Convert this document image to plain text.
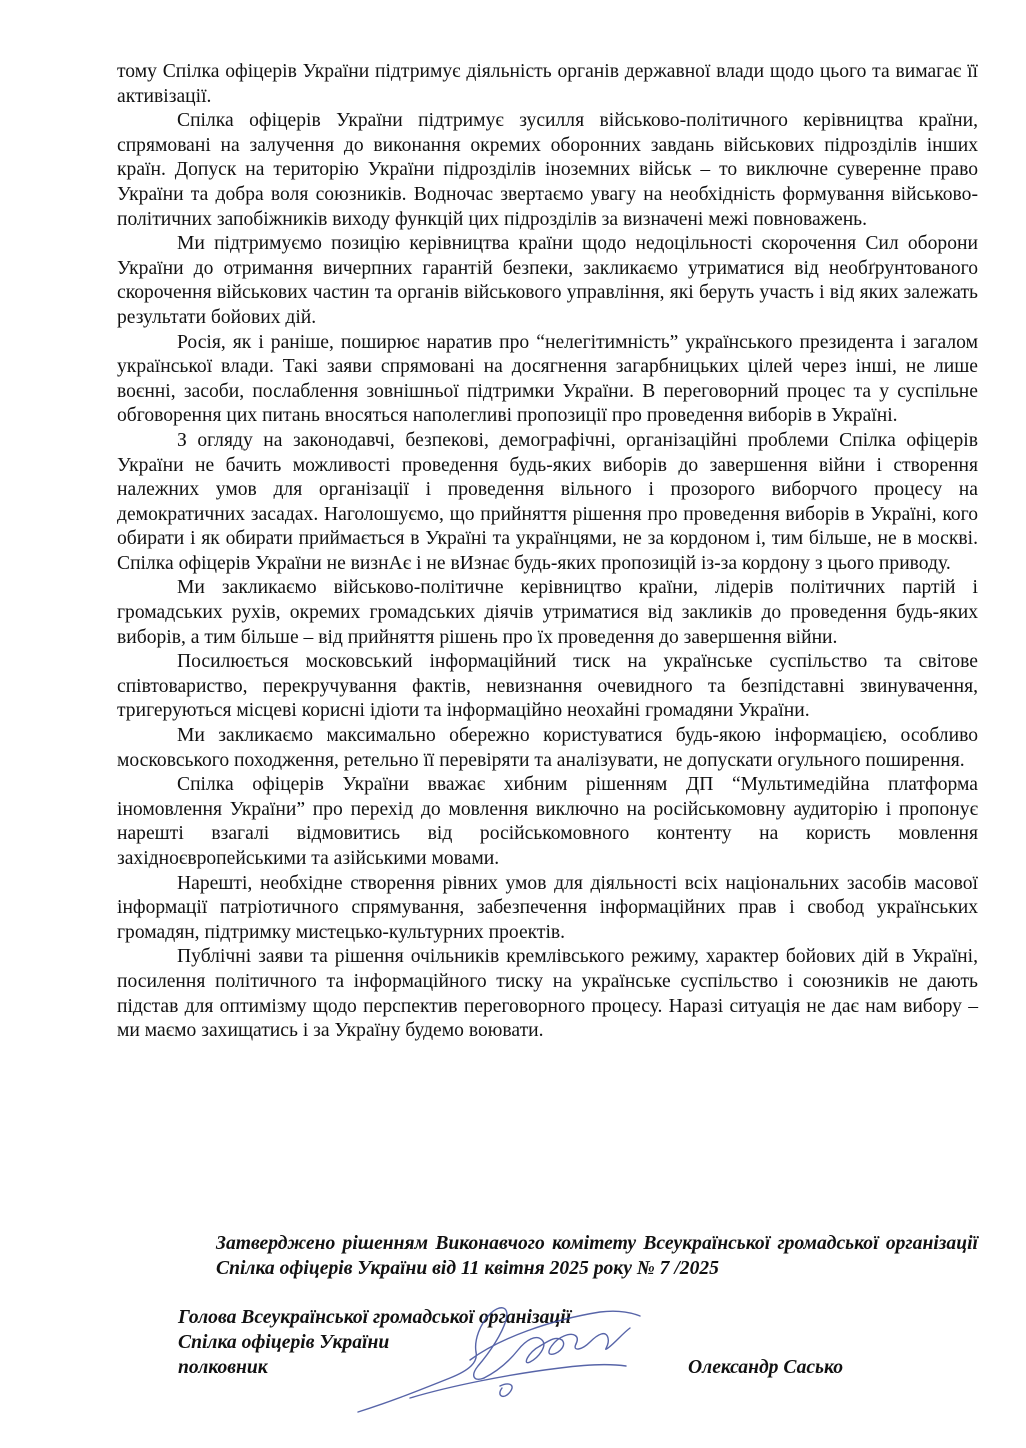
тому Спілка офіцерів України підтримує діяльність органів державної влади щодо цього та вимагає її активізації.

Спілка офіцерів України підтримує зусилля військово-політичного керівництва країни, спрямовані на залучення до виконання окремих оборонних завдань військових підрозділів інших країн. Допуск на територію України підрозділів іноземних військ – то виключне суверенне право України та добра воля союзників. Водночас звертаємо увагу на необхідність формування військово-політичних запобіжників виходу функцій цих підрозділів за визначені межі повноважень.

Ми підтримуємо позицію керівництва країни щодо недоцільності скорочення Сил оборони України до отримання вичерпних гарантій безпеки, закликаємо утриматися від необґрунтованого скорочення військових частин та органів військового управління, які беруть участь і від яких залежать результати бойових дій.

Росія, як і раніше, поширює наратив про “нелегітимність” українського президента і загалом української влади. Такі заяви спрямовані на досягнення загарбницьких цілей через інші, не лише воєнні, засоби, послаблення зовнішньої підтримки України. В переговорний процес та у суспільне обговорення цих питань вносяться наполегливі пропозиції про проведення виборів в Україні.

З огляду на законодавчі, безпекові, демографічні, організаційні проблеми Спілка офіцерів України не бачить можливості проведення будь-яких виборів до завершення війни і створення належних умов для організації і проведення вільного і прозорого виборчого процесу на демократичних засадах. Наголошуємо, що прийняття рішення про проведення виборів в Україні, кого обирати і як обирати приймається в Україні та українцями, не за кордоном і, тим більше, не в москві. Спілка офіцерів України не визнАє і не вИзнає будь-яких пропозицій із-за кордону з цього приводу.

Ми закликаємо військово-політичне керівництво країни, лідерів політичних партій і громадських рухів, окремих громадських діячів утриматися від закликів до проведення будь-яких виборів, а тим більше – від прийняття рішень про їх проведення до завершення війни.

Посилюється московський інформаційний тиск на українське суспільство та світове співтовариство, перекручування фактів, невизнання очевидного та безпідставні звинувачення, тригеруються місцеві корисні ідіоти та інформаційно неохайні громадяни України.

Ми закликаємо максимально обережно користуватися будь-якою інформацією, особливо московського походження, ретельно її перевіряти та аналізувати, не допускати огульного поширення.

Спілка офіцерів України вважає хибним рішенням ДП “Мультимедійна платформа іномовлення України” про перехід до мовлення виключно на російськомовну аудиторію і пропонує нарешті взагалі відмовитись від російськомовного контенту на користь мовлення західноєвропейськими та азійськими мовами.

Нарешті, необхідне створення рівних умов для діяльності всіх національних засобів масової інформації патріотичного спрямування, забезпечення інформаційних прав і свобод українських громадян, підтримку мистецько-культурних проектів.

Публічні заяви та рішення очільників кремлівського режиму, характер бойових дій в Україні, посилення політичного та інформаційного тиску на українське суспільство і союзників не дають підстав для оптимізму щодо перспектив переговорного процесу. Наразі ситуація не дає нам вибору – ми маємо захищатись і за Україну будемо воювати.

Затверджено рішенням Виконавчого комітету Всеукраїнської громадської організації Спілка офіцерів України від 11 квітня 2025 року № 7 /2025

Голова Всеукраїнської громадської організації
Спілка офіцерів України
полковник	Олександр Сасько
